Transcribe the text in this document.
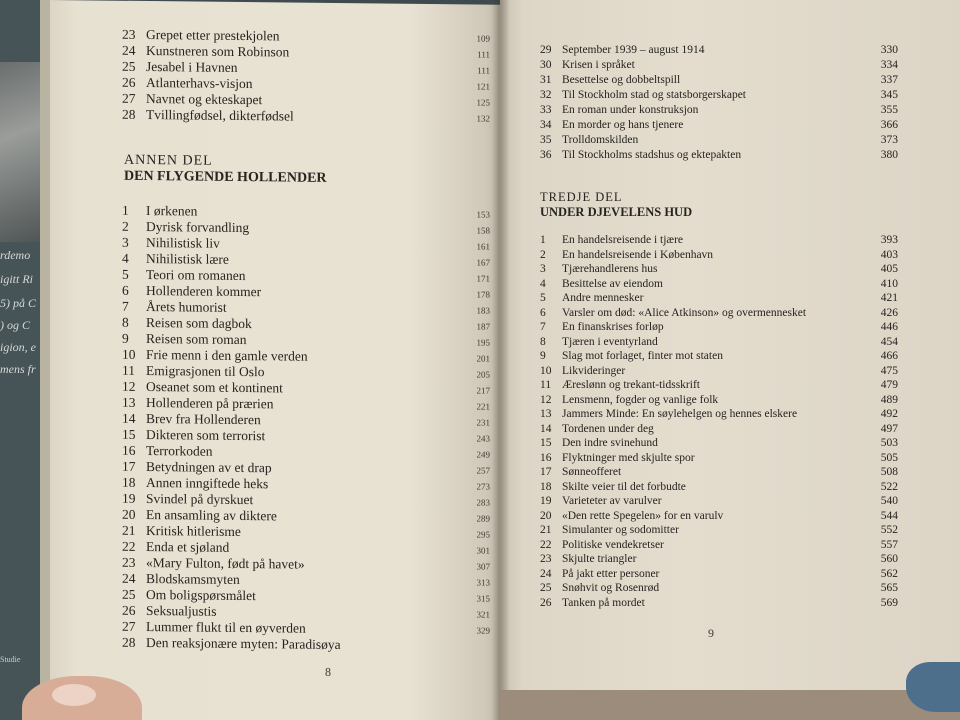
rdemo
igitt Ri
5) på C
) og C
igion, e
mens fr
Studie
23 Grepet etter prestekjolen	109
24 Kunstneren som Robinson	111
25 Jesabel i Havnen	111
26 Atlanterhavs-visjon	121
27 Navnet og ekteskapet	125
28 Tvillingfødsel, dikterfødsel	132
ANNEN DEL
DEN FLYGENDE HOLLENDER
1 I ørkenen	153
2 Dyrisk forvandling	158
3 Nihilistisk liv	161
4 Nihilistisk lære	167
5 Teori om romanen	171
6 Hollenderen kommer	178
7 Årets humorist	183
8 Reisen som dagbok	187
9 Reisen som roman	195
10 Frie menn i den gamle verden	201
11 Emigrasjonen til Oslo	205
12 Oseanet som et kontinent	217
13 Hollenderen på prærien	221
14 Brev fra Hollenderen	231
15 Dikteren som terrorist	243
16 Terrorkoden	249
17 Betydningen av et drap	257
18 Annen inngiftede heks	273
19 Svindel på dyrskuet	283
20 En ansamling av diktere	289
21 Kritisk hitlerisme	295
22 Enda et sjøland	301
23 «Mary Fulton, født på havet»	307
24 Blodskamsmyten	313
25 Om boligspørsmålet	315
26 Seksualjustis	321
27 Lummer flukt til en øyverden	329
28 Den reaksjonære myten: Paradisøya
8
29 September 1939 – august 1914	330
30 Krisen i språket	334
31 Besettelse og dobbeltspill	337
32 Til Stockholm stad og statsborgerskapet	345
33 En roman under konstruksjon	355
34 En morder og hans tjenere	366
35 Trolldomskilden	373
36 Til Stockholms stadshus og ektepakten	380
TREDJE DEL
UNDER DJEVELENS HUD
1 En handelsreisende i tjære	393
2 En handelsreisende i København	403
3 Tjærehandlerens hus	405
4 Besittelse av eiendom	410
5 Andre mennesker	421
6 Varsler om død: «Alice Atkinson» og overmennesket	426
7 En finanskrises forløp	446
8 Tjæren i eventyrland	454
9 Slag mot forlaget, finter mot staten	466
10 Likvideringer	475
11 Æreslønn og trekant-tidsskrift	479
12 Lensmenn, fogder og vanlige folk	489
13 Jammers Minde: En søylehelgen og hennes elskere	492
14 Tordenen under deg	497
15 Den indre svinehund	503
16 Flyktninger med skjulte spor	505
17 Sønneofferet	508
18 Skilte veier til det forbudte	522
19 Varieteter av varulver	540
20 «Den rette Spegelen» for en varulv	544
21 Simulanter og sodomitter	552
22 Politiske vendekretser	557
23 Skjulte triangler	560
24 På jakt etter personer	562
25 Snøhvit og Rosenrød	565
26 Tanken på mordet	569
9
